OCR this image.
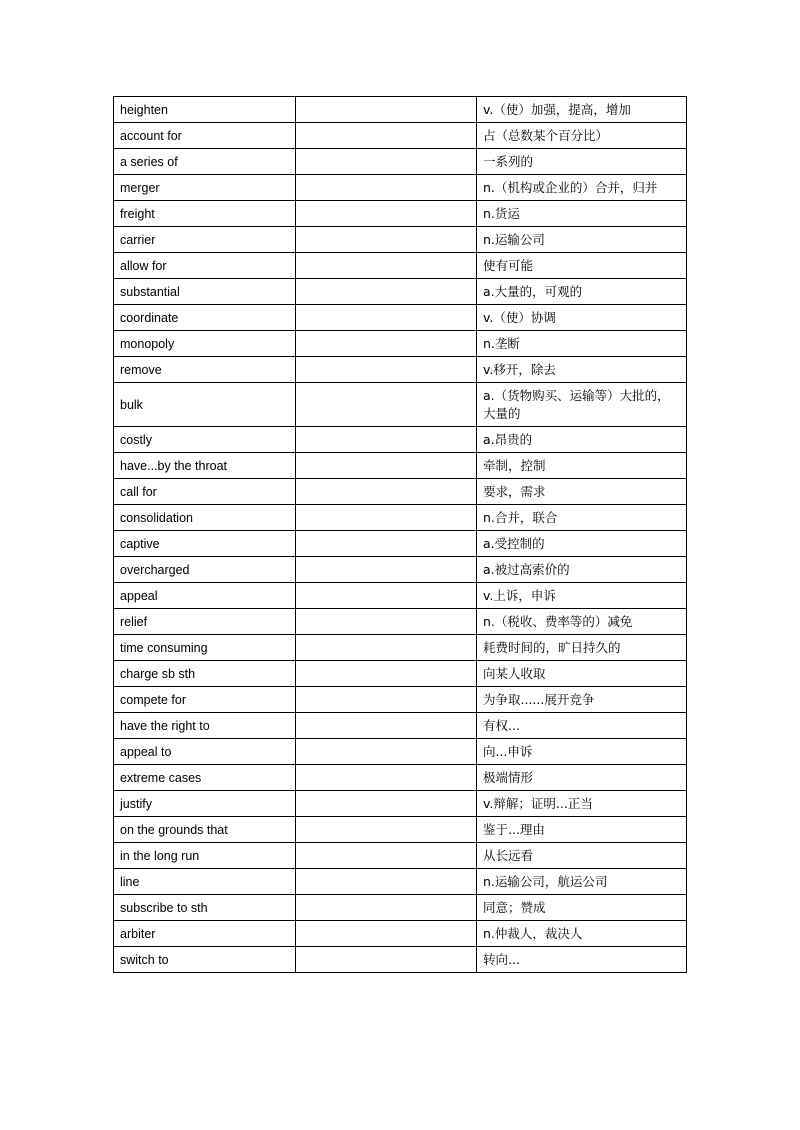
heighten		v.（使）加强，提高，增加
account for		占（总数某个百分比）
a series of		一系列的
merger		n.（机构或企业的）合并，归并
freight		n.货运
carrier		n.运输公司
allow for		使有可能
substantial		a.大量的，可观的
coordinate		v.（使）协调
monopoly		n.垄断
remove		v.移开，除去
bulk		a.（货物购买、运输等）大批的，大量的
costly		a.昂贵的
have...by the throat		牵制，控制
call for		要求，需求
consolidation		n.合并，联合
captive		a.受控制的
overcharged		a.被过高索价的
appeal		v.上诉，申诉
relief		n.（税收、费率等的）减免
time consuming		耗费时间的，旷日持久的
charge sb sth		向某人收取
compete for		为争取......展开竞争
have the right to		有权...
appeal to		向...申诉
extreme cases		极端情形
justify		v.辩解；证明...正当
on the grounds that		鉴于...理由
in the long run		从长远看
line		n.运输公司，航运公司
subscribe to sth		同意；赞成
arbiter		n.仲裁人，裁决人
switch to		转向...
